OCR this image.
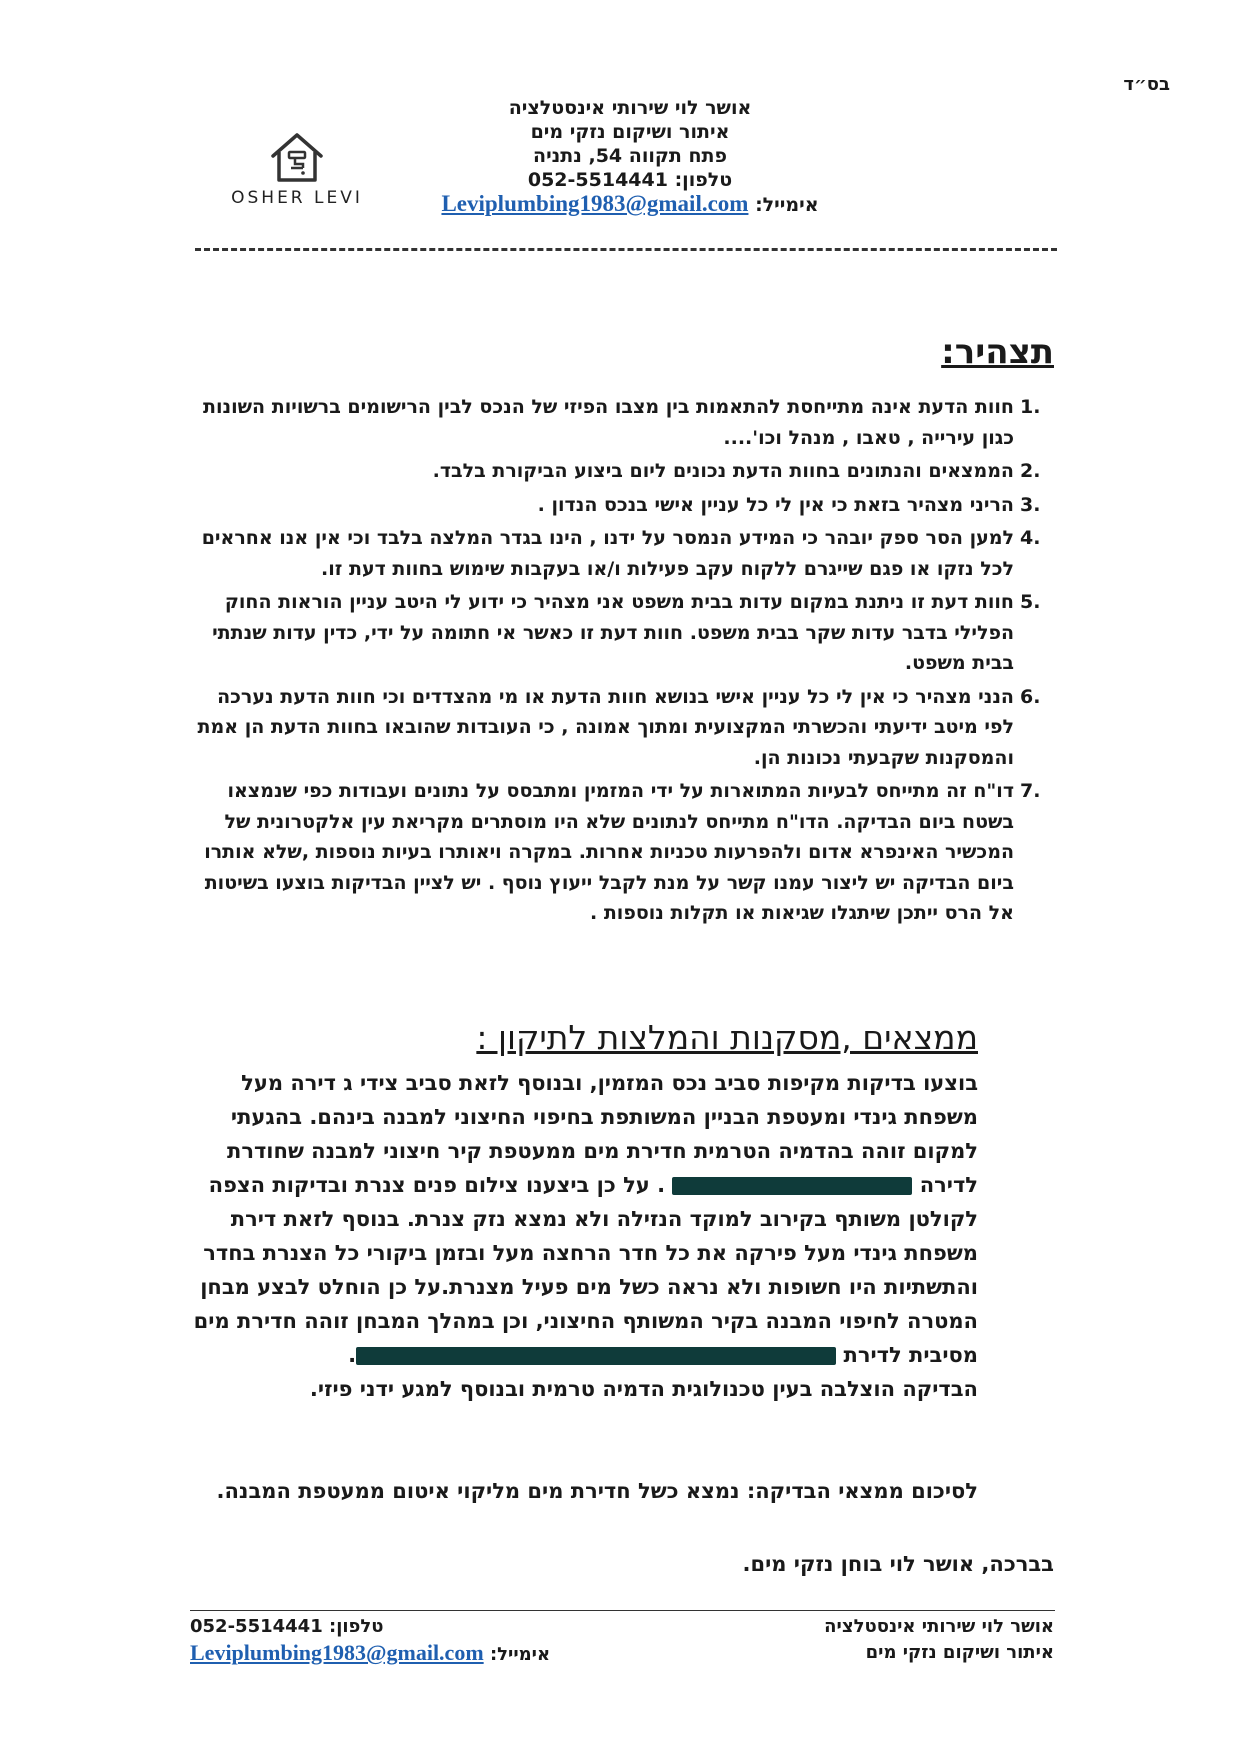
בס״ד
אושר לוי שירותי אינסטלציה
איתור ושיקום נזקי מים
פתח תקווה 54, נתניה
טלפון: 052-5514441
אימייל: Leviplumbing1983@gmail.com
OSHER LEVI
תצהיר:
1.
חוות הדעת אינה מתייחסת להתאמות בין מצבו הפיזי של הנכס לבין הרישומים ברשויות השונות כגון עירייה , טאבו , מנהל וכו'....
2.
הממצאים והנתונים בחוות הדעת נכונים ליום ביצוע הביקורת בלבד.
3.
הריני מצהיר בזאת כי אין לי כל עניין אישי בנכס הנדון .
4.
למען הסר ספק יובהר כי המידע הנמסר על ידנו , הינו בגדר המלצה בלבד וכי אין אנו אחראים לכל נזקו או פגם שייגרם ללקוח עקב פעילות ו/או בעקבות שימוש בחוות דעת זו.
5.
חוות דעת זו ניתנת במקום עדות בבית משפט אני מצהיר כי ידוע לי היטב עניין הוראות החוק הפלילי בדבר עדות שקר בבית משפט. חוות דעת זו כאשר אי חתומה על ידי, כדין עדות שנתתי בבית משפט.
6.
הנני מצהיר כי אין לי כל עניין אישי בנושא חוות הדעת או מי מהצדדים וכי חוות הדעת נערכה לפי מיטב ידיעתי והכשרתי המקצועית ומתוך אמונה , כי העובדות שהובאו בחוות הדעת הן אמת והמסקנות שקבעתי נכונות הן.
7.
דו"ח זה מתייחס לבעיות המתוארות על ידי המזמין ומתבסס על נתונים ועבודות כפי שנמצאו בשטח ביום הבדיקה. הדו"ח מתייחס לנתונים שלא היו מוסתרים מקריאת עין אלקטרונית של המכשיר האינפרא אדום ולהפרעות טכניות אחרות. במקרה ויאותרו בעיות נוספות ,שלא אותרו ביום הבדיקה יש ליצור עמנו קשר על מנת לקבל ייעוץ נוסף . יש לציין הבדיקות בוצעו בשיטות אל הרס ייתכן שיתגלו שגיאות או תקלות נוספות .
ממצאים ,מסקנות והמלצות לתיקון :
בוצעו בדיקות מקיפות סביב נכס המזמין, ובנוסף לזאת סביב צידי ג דירה מעל משפחת גינדי ומעטפת הבניין המשותפת בחיפוי החיצוני למבנה בינהם. בהגעתי למקום זוהה בהדמיה הטרמית חדירת מים ממעטפת קיר חיצוני למבנה שחודרת לדירה  . על כן ביצענו צילום פנים צנרת ובדיקות הצפה לקולטן משותף בקירוב למוקד הנזילה ולא נמצא נזק צנרת. בנוסף לזאת דירת משפחת גינדי מעל פירקה את כל חדר הרחצה מעל ובזמן ביקורי כל הצנרת בחדר והתשתיות היו חשופות ולא נראה כשל מים פעיל מצנרת.על כן הוחלט לבצע מבחן המטרה לחיפוי המבנה בקיר המשותף החיצוני, וכן במהלך המבחן זוהה חדירת מים מסיבית לדירת .
הבדיקה הוצלבה בעין טכנולוגית הדמיה טרמית ובנוסף למגע ידני פיזי.
לסיכום ממצאי הבדיקה: נמצא כשל חדירת מים מליקוי איטום ממעטפת המבנה.
בברכה, אושר לוי בוחן נזקי מים.
אושר לוי שירותי אינסטלציה
איתור ושיקום נזקי מים
טלפון: 052-5514441
אימייל: Leviplumbing1983@gmail.com
